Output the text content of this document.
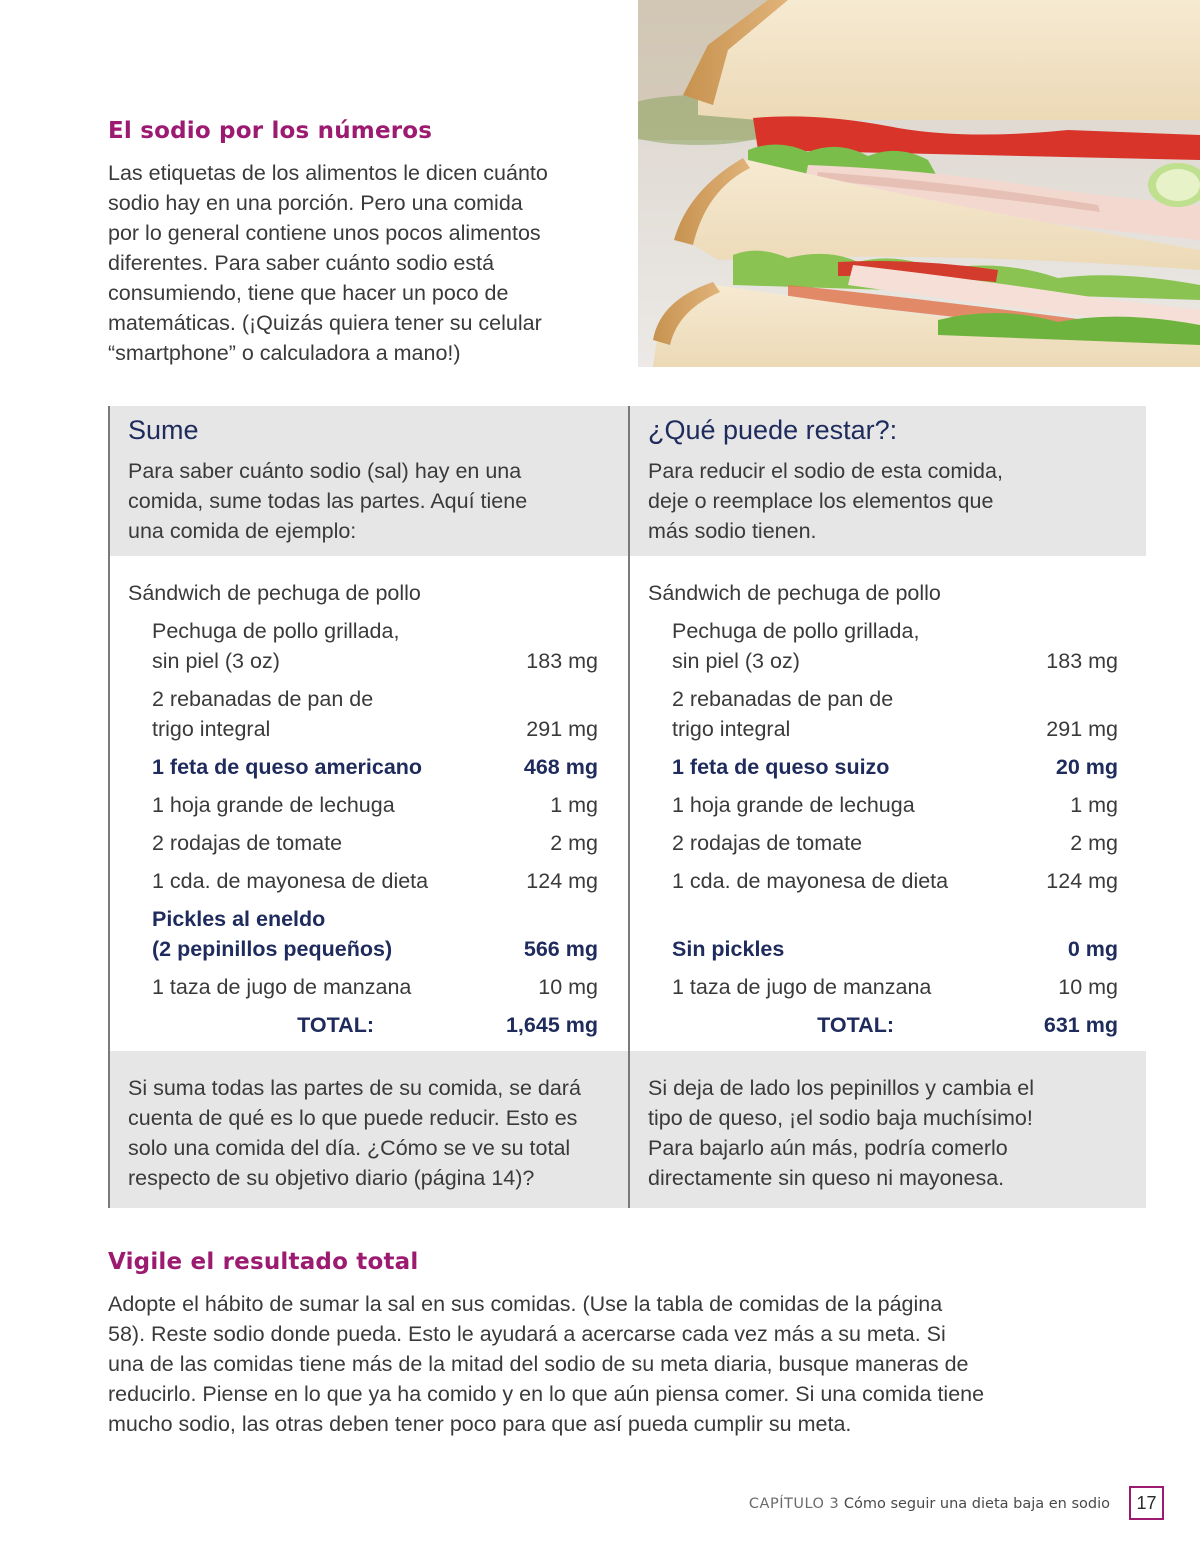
El sodio por los números
Las etiquetas de los alimentos le dicen cuánto
sodio hay en una porción. Pero una comida
por lo general contiene unos pocos alimentos
diferentes. Para saber cuánto sodio está
consumiendo, tiene que hacer un poco de
matemáticas. (¡Quizás quiera tener su celular
“smartphone” o calculadora a mano!)
Sume

Para saber cuánto sodio (sal) hay en una
comida, sume todas las partes. Aquí tiene
una comida de ejemplo:

Sándwich de pechuga de pollo

Pechuga de pollo grillada,
sin piel (3 oz)	183 mg
2 rebanadas de pan de
trigo integral	291 mg
1 feta de queso americano	468 mg
1 hoja grande de lechuga	1 mg
2 rodajas de tomate	2 mg
1 cda. de mayonesa de dieta	124 mg
Pickles al eneldo
(2 pepinillos pequeños)	566 mg
1 taza de jugo de manzana	10 mg
TOTAL:	1,645 mg

Si suma todas las partes de su comida, se dará
cuenta de qué es lo que puede reducir. Esto es
solo una comida del día. ¿Cómo se ve su total
respecto de su objetivo diario (página 14)?

¿Qué puede restar?:

Para reducir el sodio de esta comida,
deje o reemplace los elementos que
más sodio tienen.

Sándwich de pechuga de pollo

Pechuga de pollo grillada,
sin piel (3 oz)	183 mg
2 rebanadas de pan de
trigo integral	291 mg
1 feta de queso suizo	20 mg
1 hoja grande de lechuga	1 mg
2 rodajas de tomate	2 mg
1 cda. de mayonesa de dieta	124 mg

Sin pickles	0 mg
1 taza de jugo de manzana	10 mg
TOTAL:	631 mg

Si deja de lado los pepinillos y cambia el
tipo de queso, ¡el sodio baja muchísimo!
Para bajarlo aún más, podría comerlo
directamente sin queso ni mayonesa.

Vigile el resultado total
Adopte el hábito de sumar la sal en sus comidas. (Use la tabla de comidas de la página
58). Reste sodio donde pueda. Esto le ayudará a acercarse cada vez más a su meta. Si
una de las comidas tiene más de la mitad del sodio de su meta diaria, busque maneras de
reducirlo. Piense en lo que ya ha comido y en lo que aún piensa comer. Si una comida tiene
mucho sodio, las otras deben tener poco para que así pueda cumplir su meta.

CAPÍTULO 3 Cómo seguir una dieta baja en sodio	17
